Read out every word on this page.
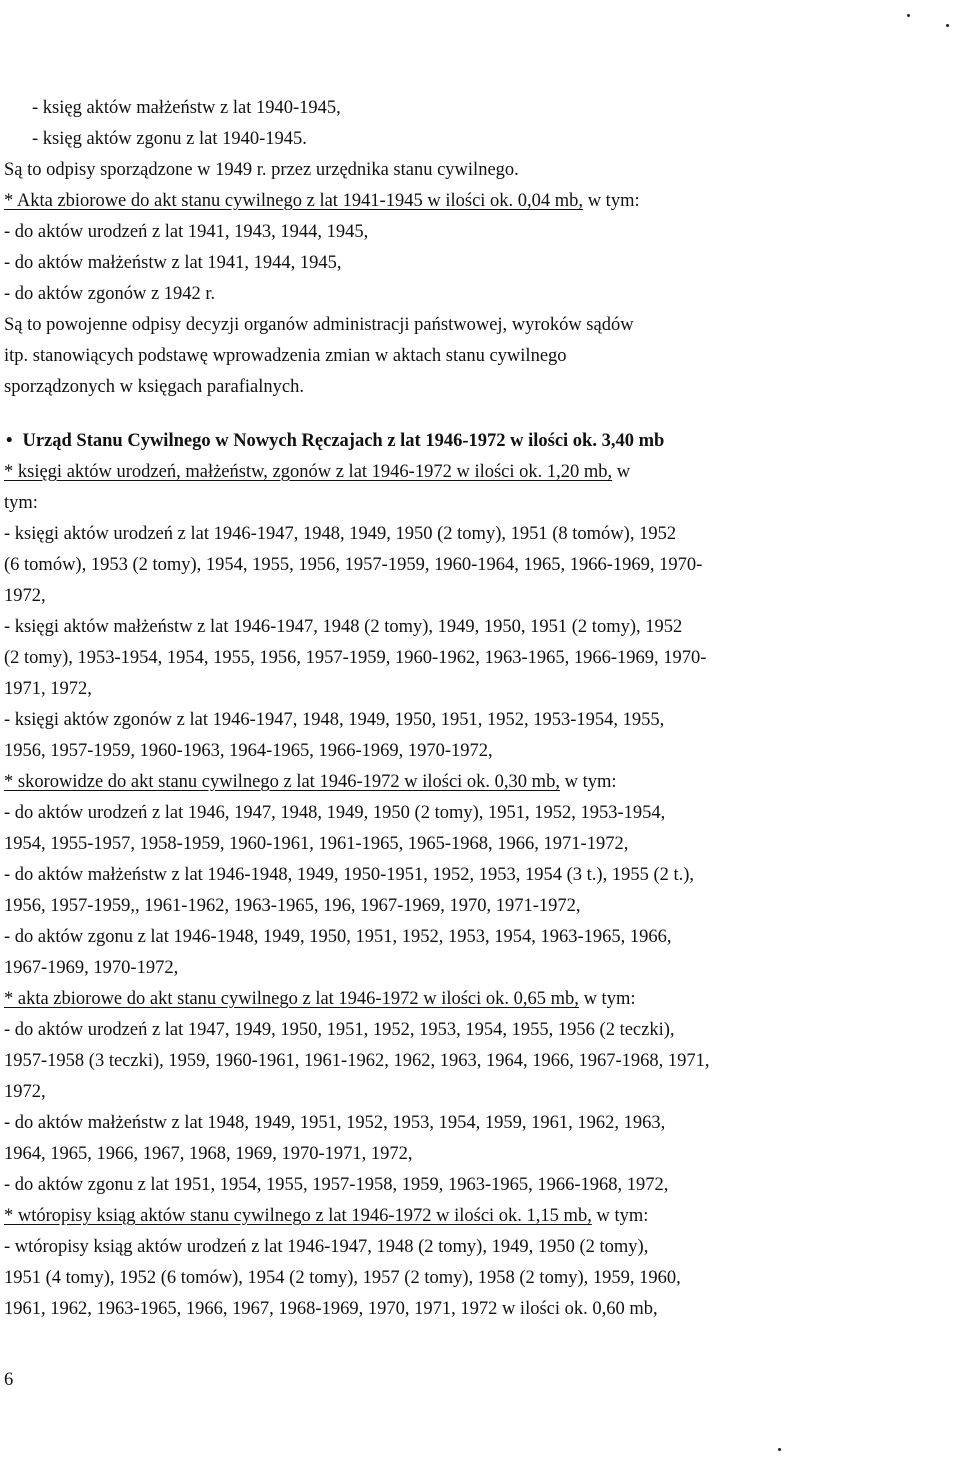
- księg aktów małżeństw z lat 1940-1945,
- księg aktów zgonu z lat 1940-1945.
Są to odpisy sporządzone w 1949 r. przez urzędnika stanu cywilnego.
* Akta zbiorowe do akt stanu cywilnego z lat 1941-1945 w ilości ok. 0,04 mb, w tym:
- do aktów urodzeń z lat 1941, 1943, 1944, 1945,
- do aktów małżeństw z lat 1941, 1944, 1945,
- do aktów zgonów z 1942 r.
Są to powojenne odpisy decyzji organów administracji państwowej, wyroków sądów
itp. stanowiących podstawę wprowadzenia zmian w aktach stanu cywilnego
sporządzonych w księgach parafialnych.
• Urząd Stanu Cywilnego w Nowych Ręczajach z lat 1946-1972 w ilości ok. 3,40 mb
* księgi aktów urodzeń, małżeństw, zgonów z lat 1946-1972 w ilości ok. 1,20 mb, w
tym:
- księgi aktów urodzeń z lat 1946-1947, 1948, 1949, 1950 (2 tomy), 1951 (8 tomów), 1952
(6 tomów), 1953 (2 tomy), 1954, 1955, 1956, 1957-1959, 1960-1964, 1965, 1966-1969, 1970-
1972,
- księgi aktów małżeństw z lat 1946-1947, 1948 (2 tomy), 1949, 1950, 1951 (2 tomy), 1952
(2 tomy), 1953-1954, 1954, 1955, 1956, 1957-1959, 1960-1962, 1963-1965, 1966-1969, 1970-
1971, 1972,
- księgi aktów zgonów z lat 1946-1947, 1948, 1949, 1950, 1951, 1952, 1953-1954, 1955,
1956, 1957-1959, 1960-1963, 1964-1965, 1966-1969, 1970-1972,
* skorowidze do akt stanu cywilnego z lat 1946-1972 w ilości ok. 0,30 mb, w tym:
- do aktów urodzeń z lat 1946, 1947, 1948, 1949, 1950 (2 tomy), 1951, 1952, 1953-1954,
1954, 1955-1957, 1958-1959, 1960-1961, 1961-1965, 1965-1968, 1966, 1971-1972,
- do aktów małżeństw z lat 1946-1948, 1949, 1950-1951, 1952, 1953, 1954 (3 t.), 1955 (2 t.),
1956, 1957-1959,, 1961-1962, 1963-1965, 196, 1967-1969, 1970, 1971-1972,
- do aktów zgonu z lat 1946-1948, 1949, 1950, 1951, 1952, 1953, 1954, 1963-1965, 1966,
1967-1969, 1970-1972,
* akta zbiorowe do akt stanu cywilnego z lat 1946-1972 w ilości ok. 0,65 mb, w tym:
- do aktów urodzeń z lat 1947, 1949, 1950, 1951, 1952, 1953, 1954, 1955, 1956 (2 teczki),
1957-1958 (3 teczki), 1959, 1960-1961, 1961-1962, 1962, 1963, 1964, 1966, 1967-1968, 1971,
1972,
- do aktów małżeństw z lat 1948, 1949, 1951, 1952, 1953, 1954, 1959, 1961, 1962, 1963,
1964, 1965, 1966, 1967, 1968, 1969, 1970-1971, 1972,
- do aktów zgonu z lat 1951, 1954, 1955, 1957-1958, 1959, 1963-1965, 1966-1968, 1972,
* wtóropisy ksiąg aktów stanu cywilnego z lat 1946-1972 w ilości ok. 1,15 mb, w tym:
- wtóropisy ksiąg aktów urodzeń z lat 1946-1947, 1948 (2 tomy), 1949, 1950 (2 tomy),
1951 (4 tomy), 1952 (6 tomów), 1954 (2 tomy), 1957 (2 tomy), 1958 (2 tomy), 1959, 1960,
1961, 1962, 1963-1965, 1966, 1967, 1968-1969, 1970, 1971, 1972 w ilości ok. 0,60 mb,
6
